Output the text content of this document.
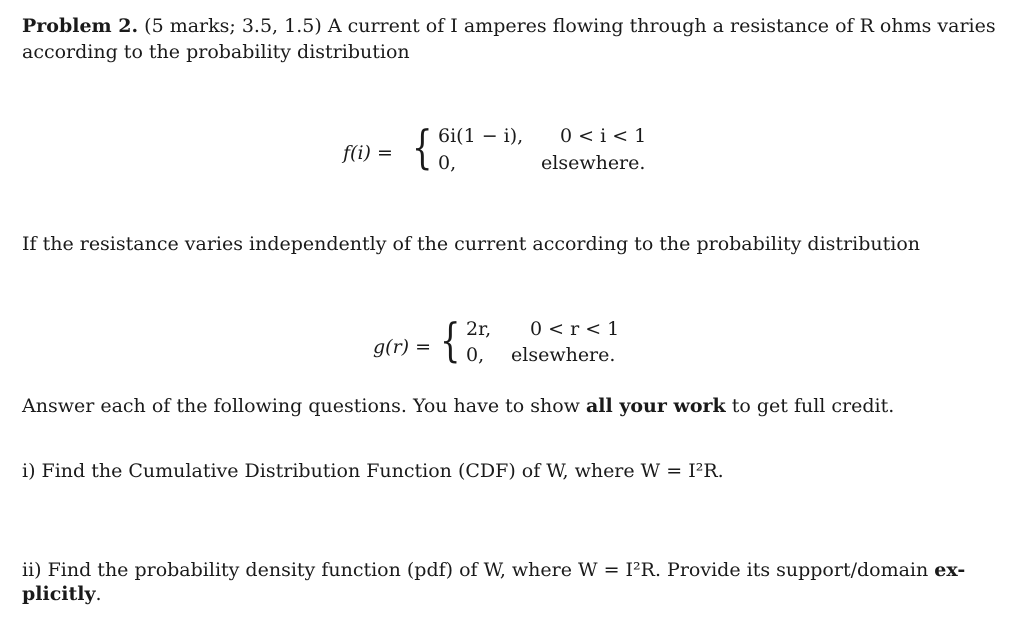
Problem 2. (5 marks; 3.5, 1.5) A current of I amperes flowing through a resistance of R ohms varies
according to the probability distribution
f(i) = { 6i(1 − i), 0 < i < 1
0,	elsewhere.
If the resistance varies independently of the current according to the probability distribution
g(r) = { 2r, 0 < r < 1
0, elsewhere.
Answer each of the following questions. You have to show all your work to get full credit.
i) Find the Cumulative Distribution Function (CDF) of W, where W = I²R.
ii) Find the probability density function (pdf) of W, where W = I²R. Provide its support/domain ex-
plicitly.
